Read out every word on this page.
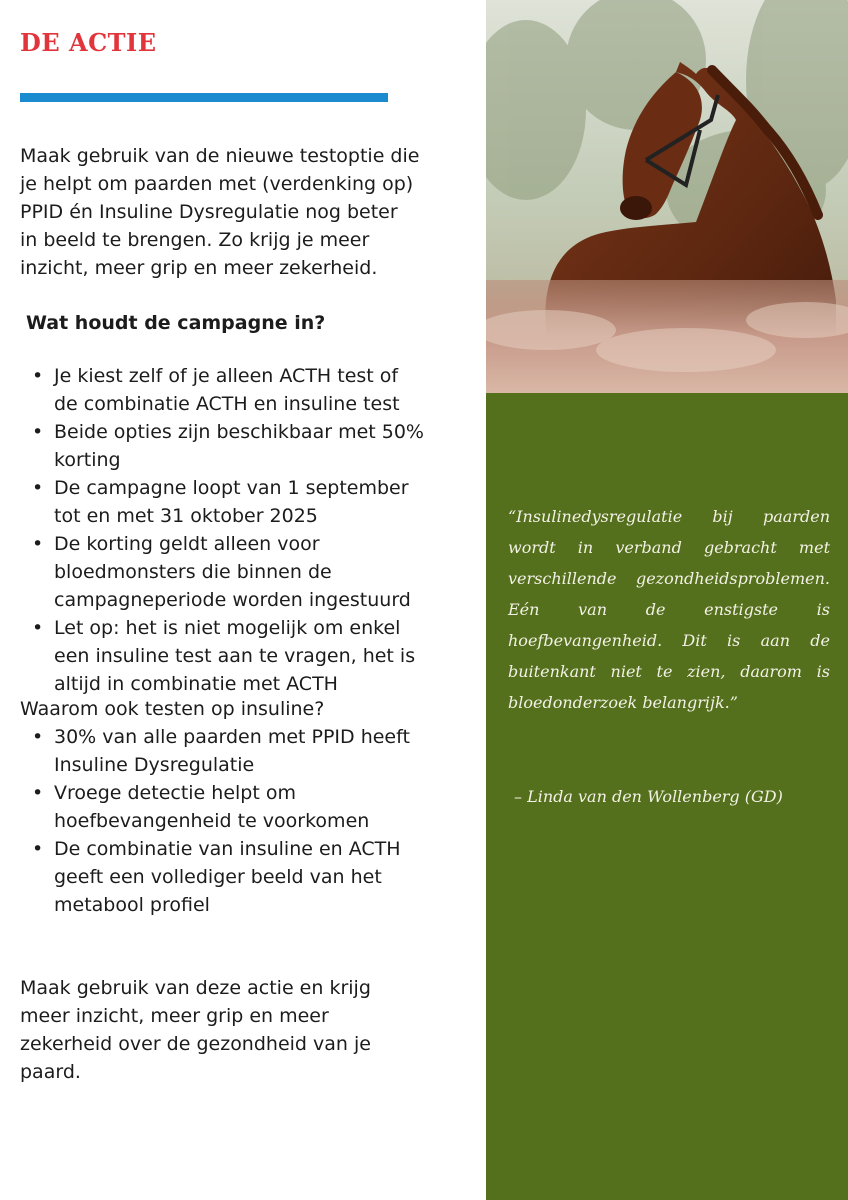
DE ACTIE

Maak gebruik van de nieuwe testoptie die je helpt om paarden met (verdenking op) PPID én Insuline Dysregulatie nog beter in beeld te brengen. Zo krijg je meer inzicht, meer grip en meer zekerheid.

Wat houdt de campagne in?
• Je kiest zelf of je alleen ACTH test of de combinatie ACTH en insuline test
• Beide opties zijn beschikbaar met 50% korting
• De campagne loopt van 1 september tot en met 31 oktober 2025
• De korting geldt alleen voor bloedmonsters die binnen de campagneperiode worden ingestuurd
• Let op: het is niet mogelijk om enkel een insuline test aan te vragen, het is altijd in combinatie met ACTH

Waarom ook testen op insuline?

• 30% van alle paarden met PPID heeft Insuline Dysregulatie
• Vroege detectie helpt om hoefbevangenheid te voorkomen
• De combinatie van insuline en ACTH geeft een vollediger beeld van het metabool profiel

Maak gebruik van deze actie en krijg meer inzicht, meer grip en meer zekerheid over de gezondheid van je paard.

“Insulinedysregulatie bij paarden wordt in verband gebracht met verschillende gezondheidsproblemen. Eén van de enstigste is hoefbevangenheid. Dit is aan de buitenkant niet te zien, daarom is bloedonderzoek belangrijk.”

– Linda van den Wollenberg (GD)
